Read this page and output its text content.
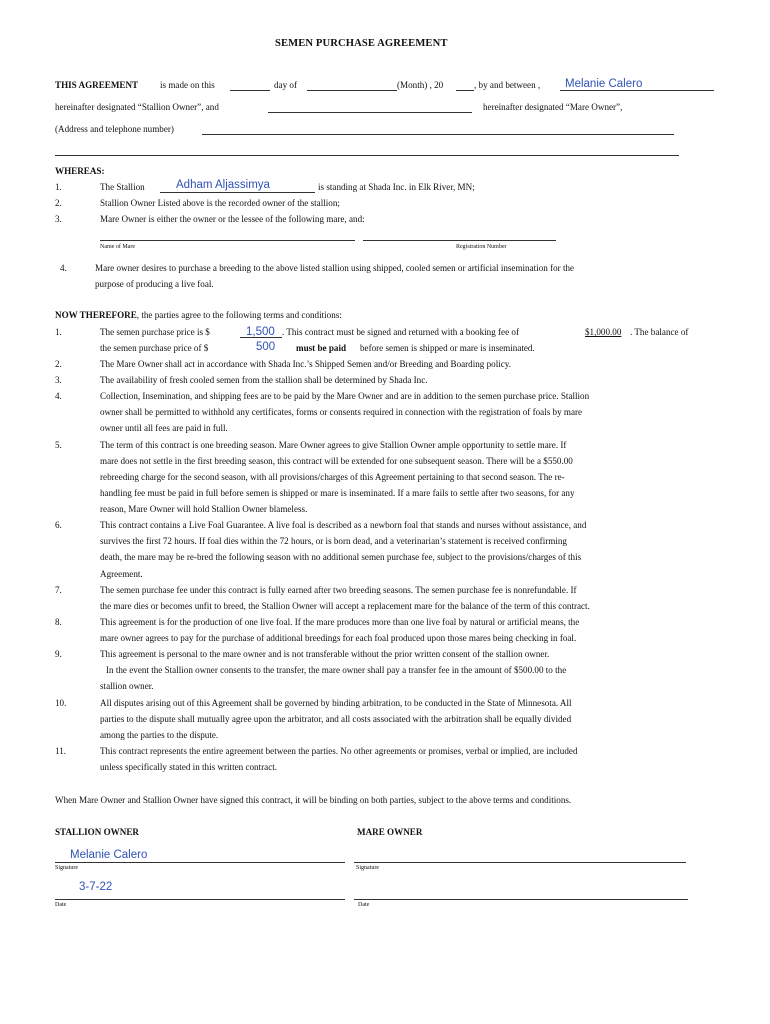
SEMEN PURCHASE AGREEMENT
THIS AGREEMENT is made on this	day of	(Month) , 20	, by and between , Melanie Calero
hereinafter designated “Stallion Owner”, and	hereinafter designated “Mare Owner”,
(Address and telephone number)
WHEREAS:
1.	The Stallion	Adham Aljassimya	is standing at Shada Inc. in Elk River, MN;
2.	Stallion Owner Listed above is the recorded owner of the stallion;
3.	Mare Owner is either the owner or the lessee of the following mare, and:
Name of Mare	Registration Number
4.	Mare owner desires to purchase a breeding to the above listed stallion using shipped, cooled semen or artificial insemination for the
purpose of producing a live foal.
NOW THEREFORE, the parties agree to the following terms and conditions:
1.	The semen purchase price is $	1,500 . This contract must be signed and returned with a booking fee of	$1,000.00 . The balance of
the semen purchase price of $	500 must be paid before semen is shipped or mare is inseminated.
2.	The Mare Owner shall act in accordance with Shada Inc.’s Shipped Semen and/or Breeding and Boarding policy.
3.	The availability of fresh cooled semen from the stallion shall be determined by Shada Inc.
4.	Collection, Insemination, and shipping fees are to be paid by the Mare Owner and are in addition to the semen purchase price. Stallion
owner shall be permitted to withhold any certificates, forms or consents required in connection with the registration of foals by mare
owner until all fees are paid in full.
5.	The term of this contract is one breeding season. Mare Owner agrees to give Stallion Owner ample opportunity to settle mare. If
mare does not settle in the first breeding season, this contract will be extended for one subsequent season. There will be a $550.00
rebreeding charge for the second season, with all provisions/charges of this Agreement pertaining to that second season. The re-
handling fee must be paid in full before semen is shipped or mare is inseminated. If a mare fails to settle after two seasons, for any
reason, Mare Owner will hold Stallion Owner blameless.
6.	This contract contains a Live Foal Guarantee. A live foal is described as a newborn foal that stands and nurses without assistance, and
survives the first 72 hours. If foal dies within the 72 hours, or is born dead, and a veterinarian’s statement is received confirming
death, the mare may be re-bred the following season with no additional semen purchase fee, subject to the provisions/charges of this
Agreement.
7.	The semen purchase fee under this contract is fully earned after two breeding seasons. The semen purchase fee is nonrefundable. If
the mare dies or becomes unfit to breed, the Stallion Owner will accept a replacement mare for the balance of the term of this contract.
8.	This agreement is for the production of one live foal. If the mare produces more than one live foal by natural or artificial means, the
mare owner agrees to pay for the purchase of additional breedings for each foal produced upon those mares being checking in foal.
9.	This agreement is personal to the mare owner and is not transferable without the prior written consent of the stallion owner.
In the event the Stallion owner consents to the transfer, the mare owner shall pay a transfer fee in the amount of $500.00 to the
stallion owner.
10.	All disputes arising out of this Agreement shall be governed by binding arbitration, to be conducted in the State of Minnesota. All
parties to the dispute shall mutually agree upon the arbitrator, and all costs associated with the arbitration shall be equally divided
among the parties to the dispute.
11.	This contract represents the entire agreement between the parties. No other agreements or promises, verbal or implied, are included
unless specifically stated in this written contract.
When Mare Owner and Stallion Owner have signed this contract, it will be binding on both parties, subject to the above terms and conditions.
STALLION OWNER	MARE OWNER
Melanie Calero
Signature	Signature
3-7-22
Date	Date
